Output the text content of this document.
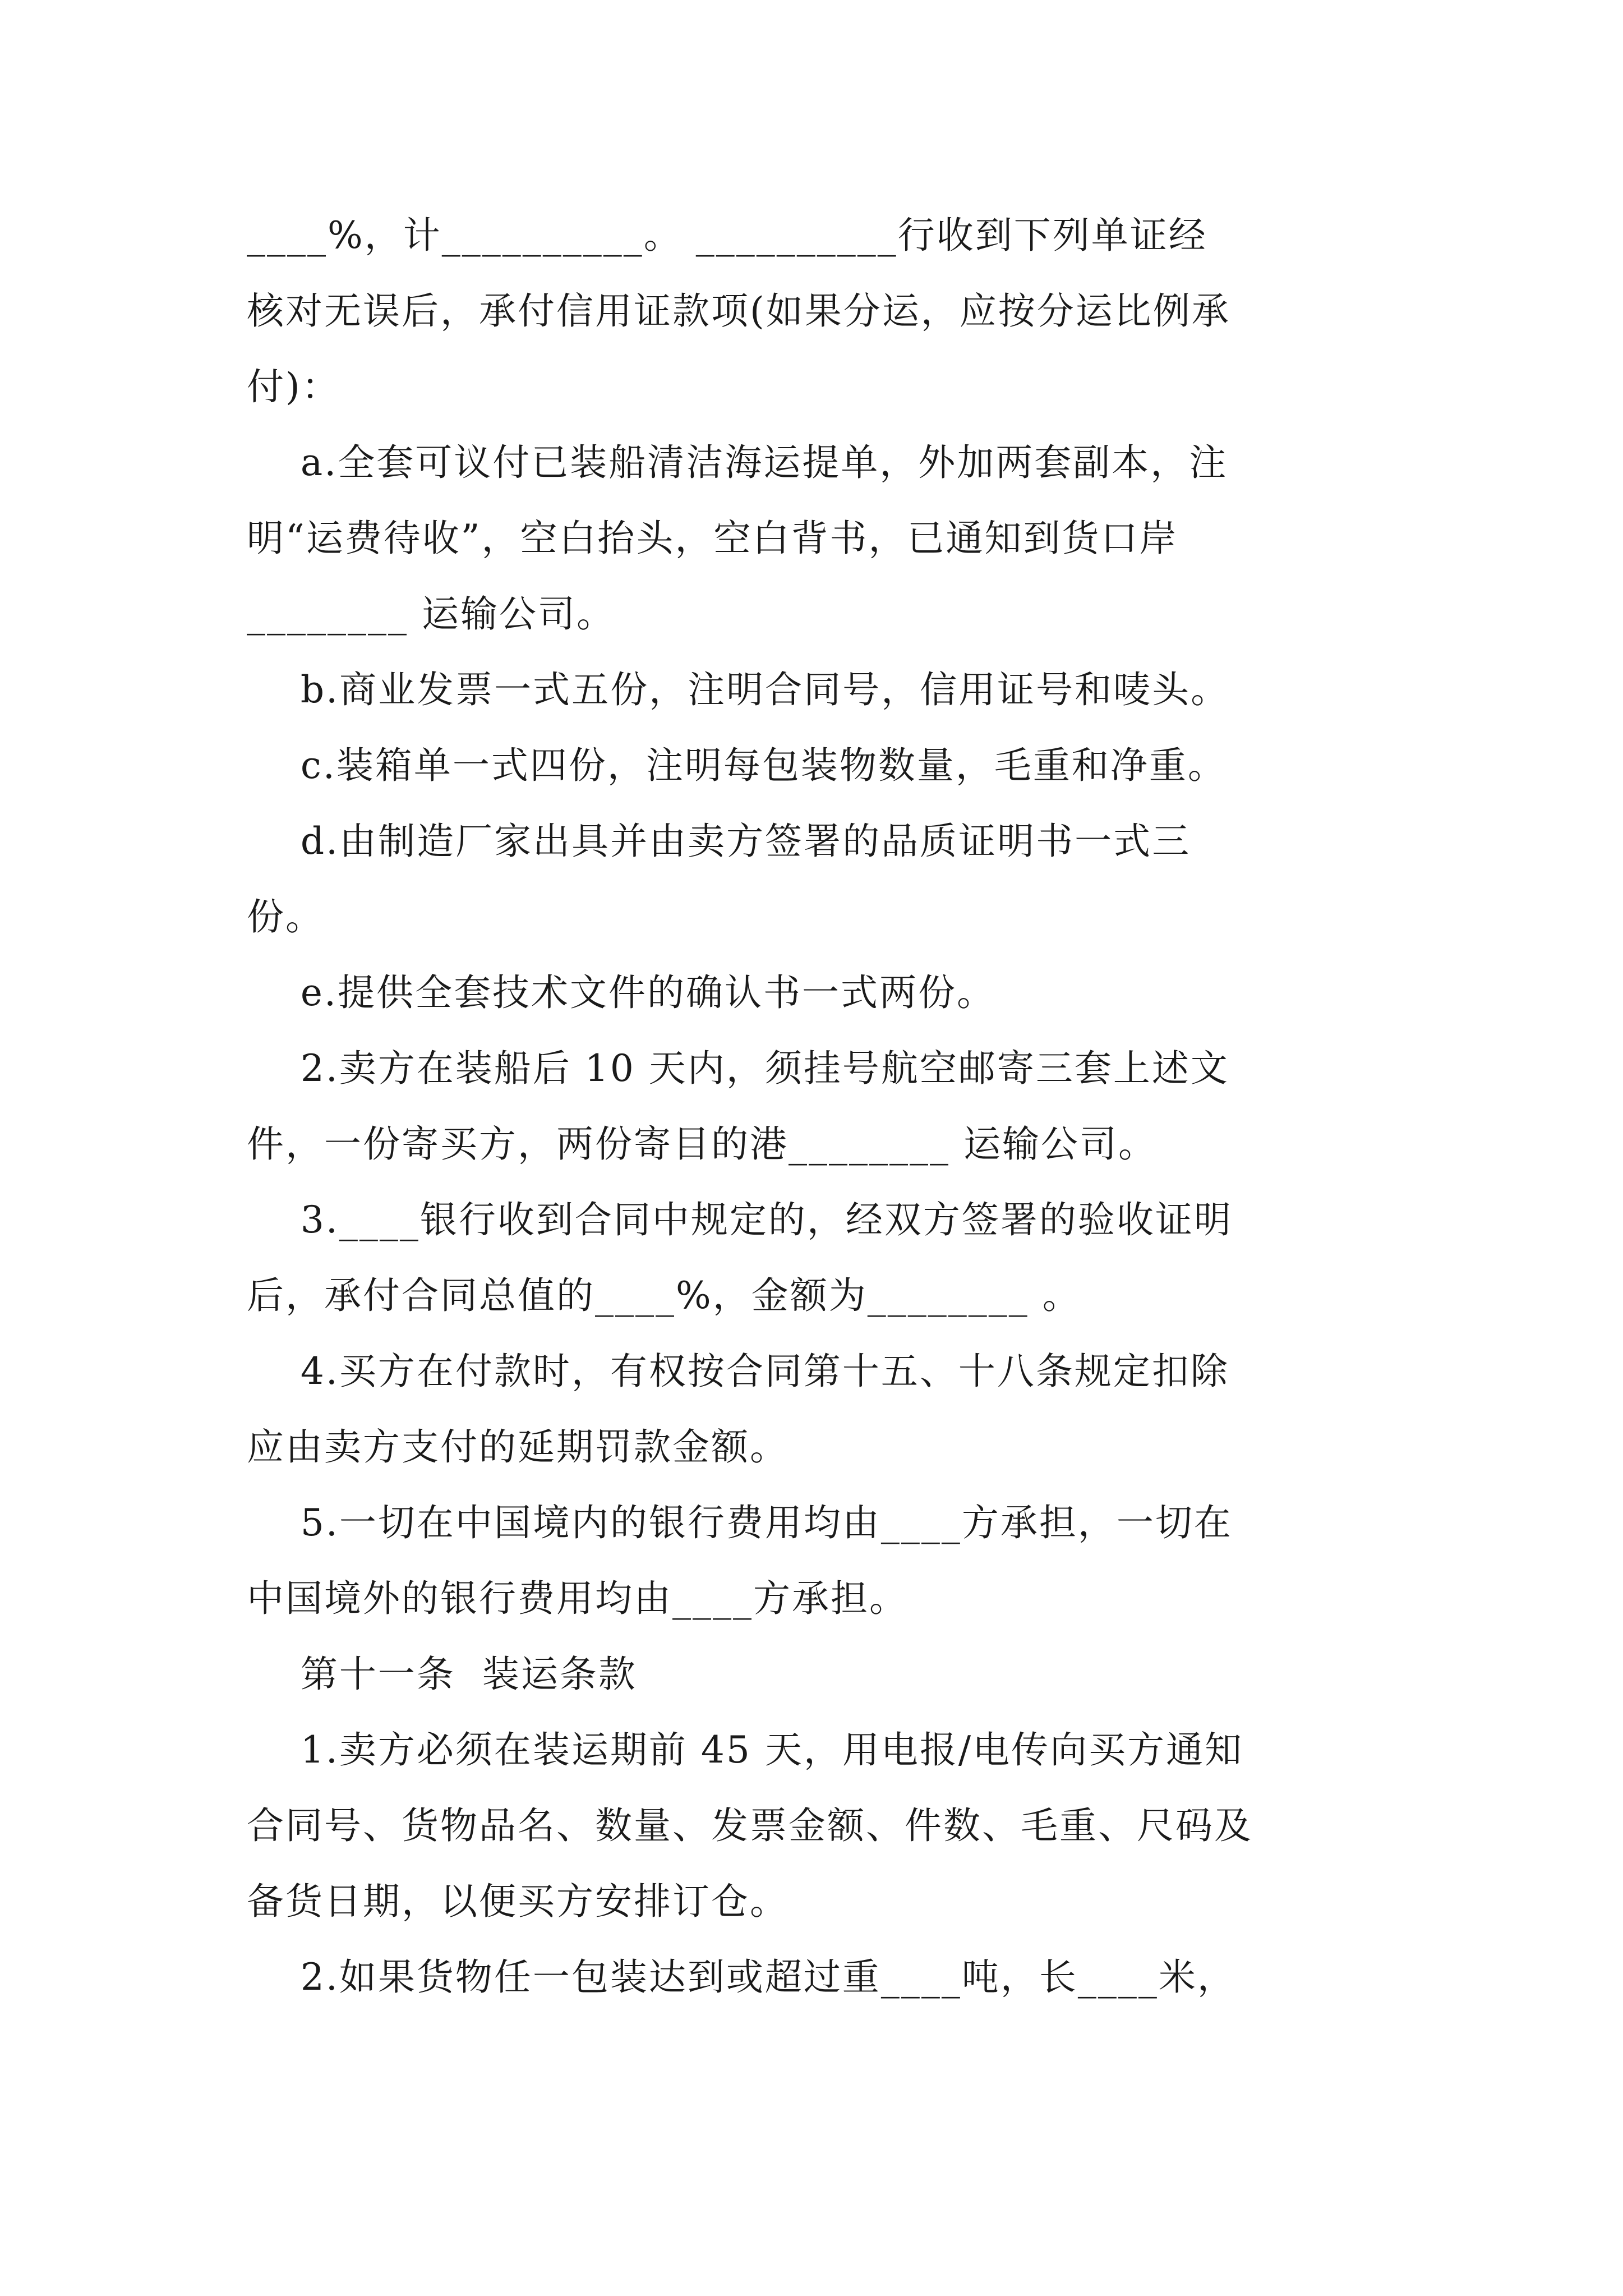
____%，计__________。 __________行收到下列单证经
核对无误后，承付信用证款项(如果分运，应按分运比例承
付)：
a.全套可议付已装船清洁海运提单，外加两套副本，注
明“运费待收”，空白抬头，空白背书，已通知到货口岸
________ 运输公司。
b.商业发票一式五份，注明合同号，信用证号和唛头。
c.装箱单一式四份，注明每包装物数量，毛重和净重。
d.由制造厂家出具并由卖方签署的品质证明书一式三
份。
e.提供全套技术文件的确认书一式两份。
2.卖方在装船后 10 天内，须挂号航空邮寄三套上述文
件，一份寄买方，两份寄目的港________ 运输公司。
3.____银行收到合同中规定的，经双方签署的验收证明
后，承付合同总值的____%，金额为________ 。
4.买方在付款时，有权按合同第十五、十八条规定扣除
应由卖方支付的延期罚款金额。
5.一切在中国境内的银行费用均由____方承担，一切在
中国境外的银行费用均由____方承担。
第十一条  装运条款
1.卖方必须在装运期前 45 天，用电报/电传向买方通知
合同号、货物品名、数量、发票金额、件数、毛重、尺码及
备货日期，以便买方安排订仓。
2.如果货物任一包装达到或超过重____吨，长____米，
